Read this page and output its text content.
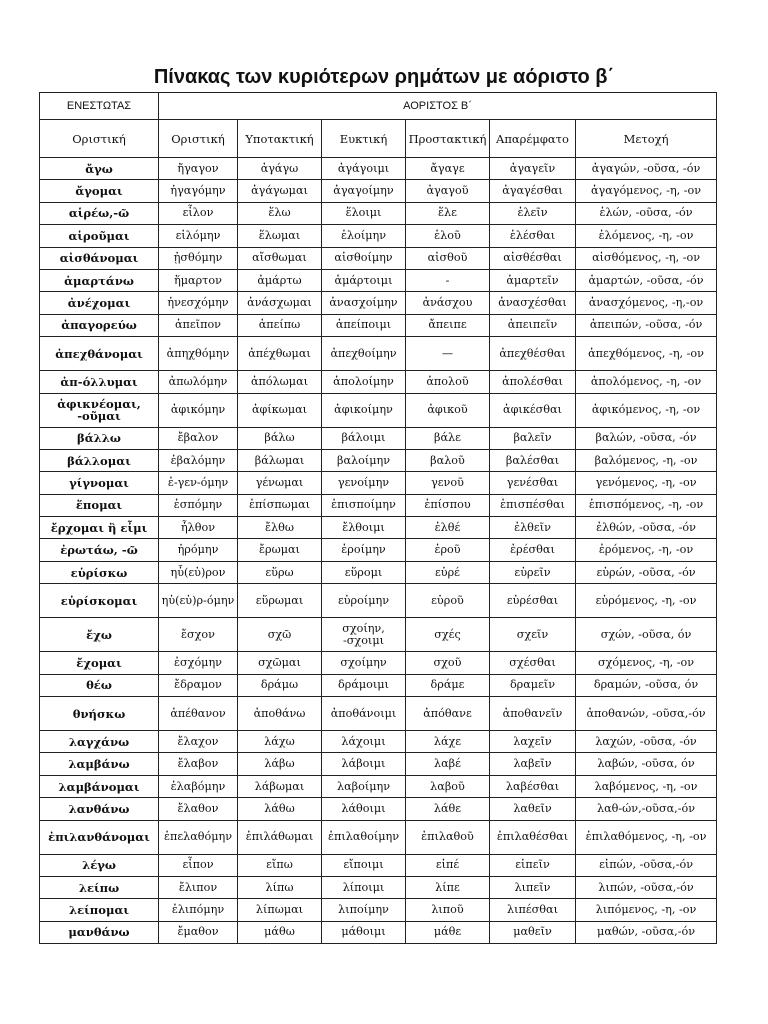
Πίνακας των κυριότερων ρημάτων με αόριστο β΄
ΕΝΕΣΤΩΤΑΣ	ΑΟΡΙΣΤΟΣ Β΄					
Οριστική	Οριστική	Υποτακτική	Ευκτική	Προστακτική	Απαρέμφατο	Μετοχή
ἄγω	ἤγαγον	ἀγάγω	ἀγάγοιμι	ἄγαγε	ἀγαγεῖν	ἀγαγών, -οῦσα, -όν
ἄγομαι	ἠγαγόμην	ἀγάγωμαι	ἀγαγοίμην	ἀγαγοῦ	ἀγαγέσθαι	ἀγαγόμενος, -η, -ον
αἱρέω,-ῶ	εἷλον	ἕλω	ἕλοιμι	ἕλε	ἑλεῖν	ἑλών, -οῦσα, -όν
αἱροῦμαι	εἱλόμην	ἕλωμαι	ἑλοίμην	ἑλοῦ	ἑλέσθαι	ἑλόμενος, -η, -ον
αἰσθάνομαι	ᾐσθόμην	αἴσθωμαι	αἰσθοίμην	αἰσθοῦ	αἰσθέσθαι	αἰσθόμενος, -η, -ον
ἁμαρτάνω	ἥμαρτον	ἁμάρτω	ἁμάρτοιμι	-	ἁμαρτεῖν	ἁμαρτών, -οῦσα, -όν
ἀνέχομαι	ἠνεσχόμην	ἀνάσχωμαι	ἀνασχοίμην	ἀνάσχου	ἀνασχέσθαι	ἀνασχόμενος, -η,-ον
ἀπαγορεύω	ἀπεῖπον	ἀπείπω	ἀπείποιμι	ἄπειπε	ἀπειπεῖν	ἀπειπών, -οῦσα, -όν
ἀπεχθάνομαι	ἀπηχθόμην	ἀπέχθωμαι	ἀπεχθοίμην	—	ἀπεχθέσθαι	ἀπεχθόμενος, -η, -ον
ἀπ-όλλυμαι	ἀπωλόμην	ἀπόλωμαι	ἀπολοίμην	ἀπολοῦ	ἀπολέσθαι	ἀπολόμενος, -η, -ον
ἀφικνέομαι, -οῦμαι	ἀφικόμην	ἀφίκωμαι	ἀφικοίμην	ἀφικοῦ	ἀφικέσθαι	ἀφικόμενος, -η, -ον
βάλλω	ἔβαλον	βάλω	βάλοιμι	βάλε	βαλεῖν	βαλών, -οῦσα, -όν
βάλλομαι	ἐβαλόμην	βάλωμαι	βαλοίμην	βαλοῦ	βαλέσθαι	βαλόμενος, -η, -ον
γίγνομαι	ἐ-γεν-όμην	γένωμαι	γενοίμην	γενοῦ	γενέσθαι	γενόμενος, -η, -ον
ἕπομαι	ἑσπόμην	ἑπίσπωμαι	ἑπισποίμην	ἑπίσπου	ἑπισπέσθαι	ἑπισπόμενος, -η, -ον
ἔρχομαι ἢ εἶμι	ἦλθον	ἔλθω	ἔλθοιμι	ἐλθέ	ἐλθεῖν	ἐλθών, -οῦσα, -όν
ἐρωτάω, -ῶ	ἠρόμην	ἔρωμαι	ἐροίμην	ἐροῦ	ἐρέσθαι	ἐρόμενος, -η, -ον
εὑρίσκω	ηὗ(εὑ)ρον	εὕρω	εὕρομι	εὑρέ	εὑρεῖν	εὑρών, -οῦσα, -όν
εὑρίσκομαι	ηὑ(εὑ)ρ-όμην	εὕρωμαι	εὑροίμην	εὑροῦ	εὑρέσθαι	εὑρόμενος, -η, -ον
ἔχω	ἔσχον	σχῶ	σχοίην, -σχοιμι	σχές	σχεῖν	σχών, -οῦσα, όν
ἔχομαι	ἐσχόμην	σχῶμαι	σχοίμην	σχοῦ	σχέσθαι	σχόμενος, -η, -ον
θέω	ἔδραμον	δράμω	δράμοιμι	δράμε	δραμεῖν	δραμών, -οῦσα, όν
θνήσκω	ἀπέθανον	ἀποθάνω	ἀποθάνοιμι	ἀπόθανε	ἀποθανεῖν	ἀποθανών, -οῦσα,-όν
λαγχάνω	ἔλαχον	λάχω	λάχοιμι	λάχε	λαχεῖν	λαχών, -οῦσα, -όν
λαμβάνω	ἔλαβον	λάβω	λάβοιμι	λαβέ	λαβεῖν	λαβών, -οῦσα, όν
λαμβάνομαι	ἐλαβόμην	λάβωμαι	λαβοίμην	λαβοῦ	λαβέσθαι	λαβόμενος, -η, -ον
λανθάνω	ἔλαθον	λάθω	λάθοιμι	λάθε	λαθεῖν	λαθ-ών,-οῦσα,-όν
ἐπιλανθάνομαι	ἐπελαθόμην	ἐπιλάθωμαι	ἐπιλαθοίμην	ἐπιλαθοῦ	ἐπιλαθέσθαι	ἐπιλαθόμενος, -η, -ον
λέγω	εἶπον	εἴπω	εἴποιμι	εἰπέ	εἰπεῖν	εἰπών, -οῦσα,-όν
λείπω	ἔλιπον	λίπω	λίποιμι	λίπε	λιπεῖν	λιπών, -οῦσα,-όν
λείπομαι	ἐλιπόμην	λίπωμαι	λιποίμην	λιποῦ	λιπέσθαι	λιπόμενος, -η, -ον
μανθάνω	ἔμαθον	μάθω	μάθοιμι	μάθε	μαθεῖν	μαθών, -οῦσα,-όν
